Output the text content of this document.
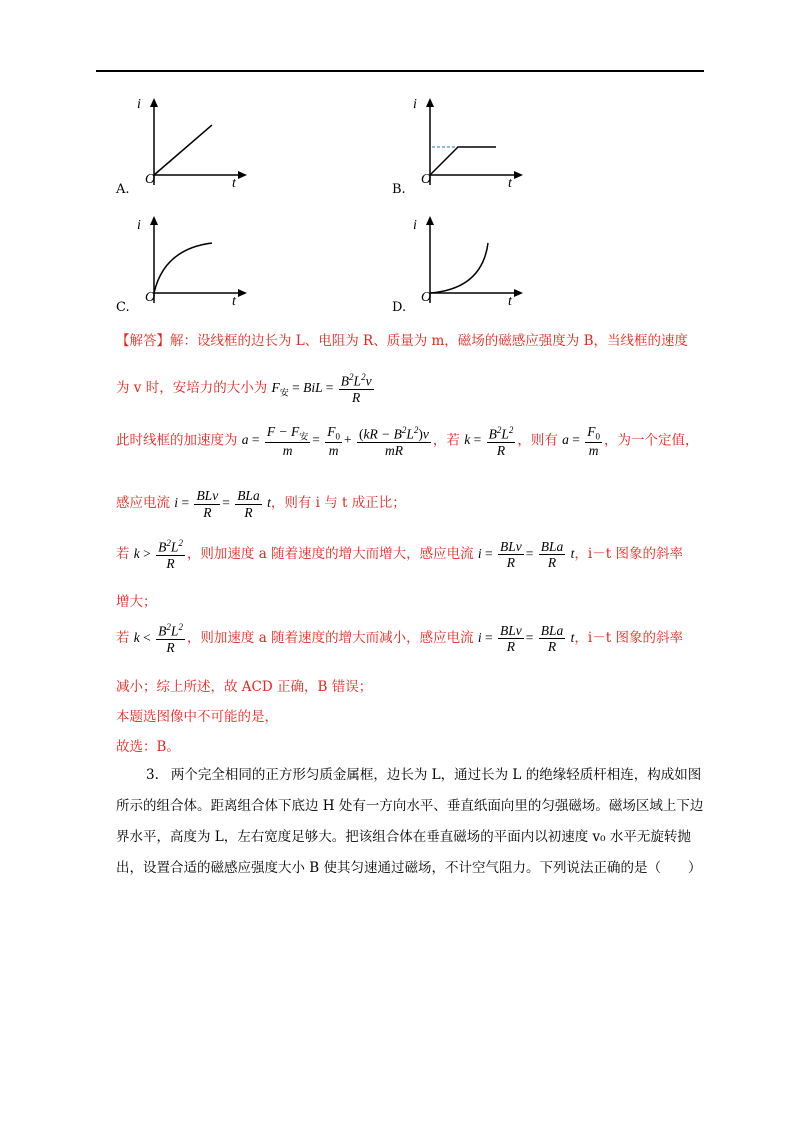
i
O	t
A.
i
O	t
B.
i
O	t
C.
i
O	t
D.
【解答】解：设线框的边长为 L、电阻为 R、质量为 m，磁场的磁感应强度为 B，当线框的速度
为 v 时，安培力的大小为 $F_安$ = BiL = $\frac{B^2L^2v}{R}$
此时线框的加速度为 $a = \frac{F - F_安}{m} = \frac{F_0}{m} + \frac{(kR - B^2L^2)v}{mR}$ ，若 $k = \frac{B^2L^2}{R}$ ，则有 $a = \frac{F_0}{m}$ ，为一个定值，
感应电流 $i = \frac{\text{BLv}}{R} = \frac{\text{BLa}}{R}$ t，则有 i 与 t 成正比；
若 $k > \frac{B^2L^2}{R}$ ，则加速度 a 随着速度的增大而增大，感应电流 $i = \frac{\text{BLv}}{R} = \frac{\text{BLa}}{R}$ t，i－t 图象的斜率
增大；
若 $k < \frac{B^2L^2}{R}$ ，则加速度 a 随着速度的增大而减小，感应电流 $i = \frac{\text{BLv}}{R} = \frac{\text{BLa}}{R}$ t，i－t 图象的斜率
减小；综上所述，故 ACD 正确，B 错误；
本题选图像中不可能的是，
故选：B。
3. 两个完全相同的正方形匀质金属框，边长为 L，通过长为 L 的绝缘轻质杆相连，构成如图所示的组合体。距离组合体下底边 H 处有一方向水平、垂直纸面向里的匀强磁场。磁场区域上下边界水平，高度为 L，左右宽度足够大。把该组合体在垂直磁场的平面内以初速度 v₀ 水平无旋转抛出，设置合适的磁感应强度大小 B 使其匀速通过磁场，不计空气阻力。下列说法正确的是（　　）
